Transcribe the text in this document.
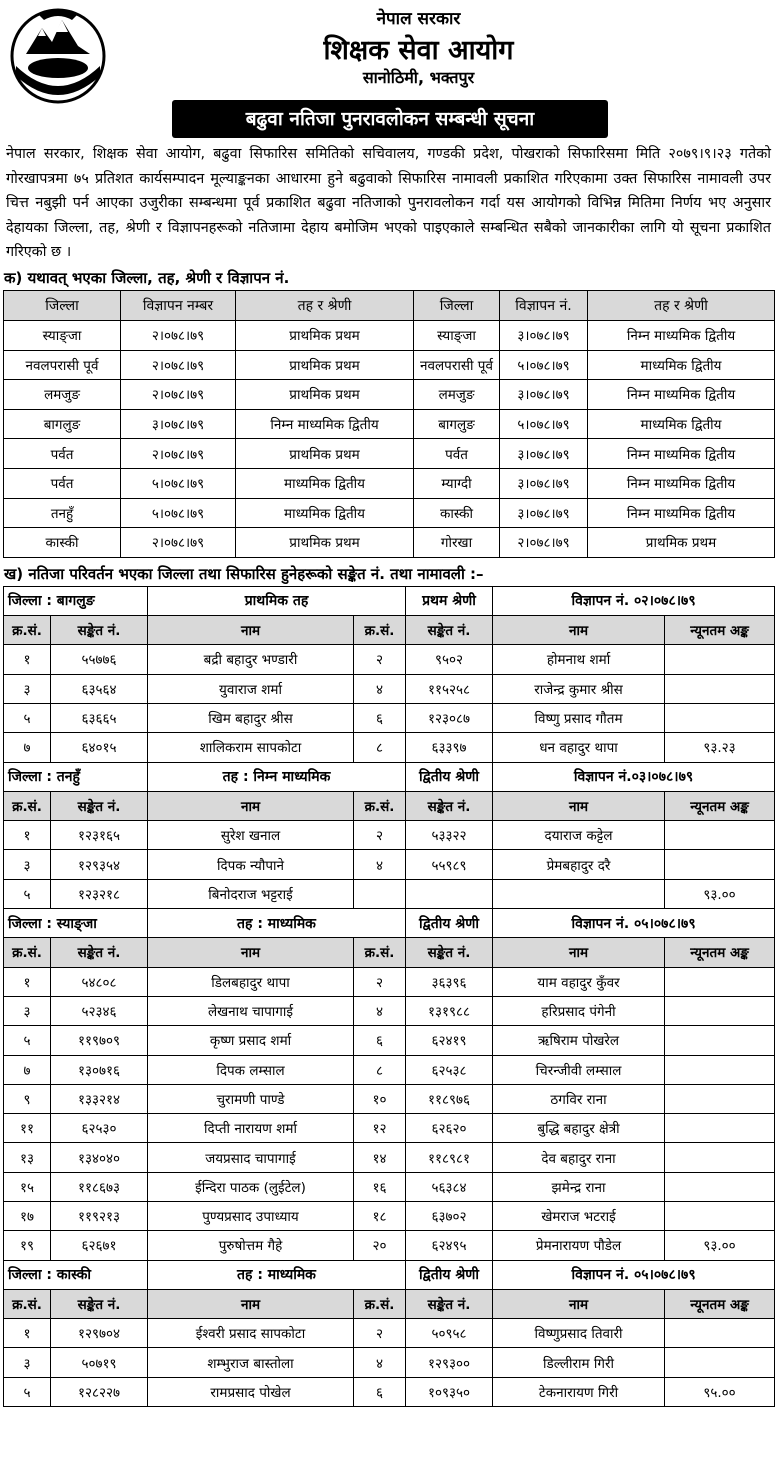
नेपाल सरकार
शिक्षक सेवा आयोग
सानोठिमी, भक्तपुर
बढुवा नतिजा पुनरावलोकन सम्बन्धी सूचना

नेपाल सरकार, शिक्षक सेवा आयोग, बढुवा सिफारिस समितिको सचिवालय, गण्डकी प्रदेश, पोखराको सिफारिसमा मिति २०७९।९।२३ गतेको गोरखापत्रमा ७५ प्रतिशत कार्यसम्पादन मूल्याङ्कनका आधारमा हुने बढुवाको सिफारिस नामावली प्रकाशित गरिएकामा उक्त सिफारिस नामावली उपर चित्त नबुझी पर्न आएका उजुरीका सम्बन्धमा पूर्व प्रकाशित बढुवा नतिजाको पुनरावलोकन गर्दा यस आयोगको विभिन्न मितिमा निर्णय भए अनुसार देहायका जिल्ला, तह, श्रेणी र विज्ञापनहरूको नतिजामा देहाय बमोजिम भएको पाइएकाले सम्बन्धित सबैको जानकारीका लागि यो सूचना प्रकाशित गरिएको छ ।

क) यथावत् भएका जिल्ला, तह, श्रेणी र विज्ञापन नं.
जिल्ला	विज्ञापन नम्बर	तह र श्रेणी	जिल्ला	विज्ञापन नं.	तह र श्रेणी
स्याङ्जा	२।०७८।७९	प्राथमिक प्रथम	स्याङ्जा	३।०७८।७९	निम्न माध्यमिक द्वितीय
नवलपरासी पूर्व	२।०७८।७९	प्राथमिक प्रथम	नवलपरासी पूर्व	५।०७८।७९	माध्यमिक द्वितीय
लमजुङ	२।०७८।७९	प्राथमिक प्रथम	लमजुङ	३।०७८।७९	निम्न माध्यमिक द्वितीय
बागलुङ	३।०७८।७९	निम्न माध्यमिक द्वितीय	बागलुङ	५।०७८।७९	माध्यमिक द्वितीय
पर्वत	२।०७८।७९	प्राथमिक प्रथम	पर्वत	३।०७८।७९	निम्न माध्यमिक द्वितीय
पर्वत	५।०७८।७९	माध्यमिक द्वितीय	म्याग्दी	३।०७८।७९	निम्न माध्यमिक द्वितीय
तनहुँ	५।०७८।७९	माध्यमिक द्वितीय	कास्की	३।०७८।७९	निम्न माध्यमिक द्वितीय
कास्की	२।०७८।७९	प्राथमिक प्रथम	गोरखा	२।०७८।७९	प्राथमिक प्रथम
ख) नतिजा परिवर्तन भएका जिल्ला तथा सिफारिस हुनेहरूको सङ्केत नं. तथा नामावली :–
जिल्ला : बागलुङ		प्राथमिक तह		प्रथम श्रेणी	विज्ञापन नं. ०२।०७८।७९	
क्र.सं.	सङ्केत नं.	नाम	क्र.सं.	सङ्केत नं.	नाम	न्यूनतम अङ्क
१	५५७७६	बद्री बहादुर भण्डारी	२	९५०२	होमनाथ शर्मा	
३	६३५६४	युवाराज शर्मा	४	११५२५८	राजेन्द्र कुमार श्रीस	
५	६३६६५	खिम बहादुर श्रीस	६	१२३०८७	विष्णु प्रसाद गौतम	
७	६४०१५	शालिकराम सापकोटा	८	६३३९७	धन वहादुर थापा	९३.२३
जिल्ला : तनहुँ		तह : निम्न माध्यमिक		द्वितीय श्रेणी	विज्ञापन नं.०३।०७८।७९	
क्र.सं.	सङ्केत नं.	नाम	क्र.सं.	सङ्केत नं.	नाम	न्यूनतम अङ्क
१	१२३१६५	सुरेश खनाल	२	५३३२२	दयाराज कट्टेल	
३	१२९३५४	दिपक न्यौपाने	४	५५९८९	प्रेमबहादुर दरै	
५	१२३२१८	बिनोदराज भट्टराई				९३.००
जिल्ला : स्याङ्जा		तह : माध्यमिक		द्वितीय श्रेणी	विज्ञापन नं. ०५।०७८।७९	
क्र.सं.	सङ्केत नं.	नाम	क्र.सं.	सङ्केत नं.	नाम	न्यूनतम अङ्क
१	५४८०८	डिलबहादुर थापा	२	३६३९६	याम वहादुर कुँवर	
३	५२३४६	लेखनाथ चापागाई	४	१३१९८८	हरिप्रसाद पंगेनी	
५	११९७०९	कृष्ण प्रसाद शर्मा	६	६२४१९	ऋषिराम पोखरेल	
७	१३०७१६	दिपक लम्साल	८	६२५३८	चिरन्जीवी लम्साल	
९	१३३२१४	चुरामणी पाण्डे	१०	११८९७६	ठगविर राना	
११	६२५३०	दिप्ती नारायण शर्मा	१२	६२६२०	बुद्धि बहादुर क्षेत्री	
१३	१३४०४०	जयप्रसाद चापागाई	१४	११८९८१	देव बहादुर राना	
१५	११८६७३	ईन्दिरा पाठक (लुईटेल)	१६	५६३८४	झमेन्द्र राना	
१७	११९२१३	पुण्यप्रसाद उपाध्याय	१८	६३७०२	खेमराज भटराई	
१९	६२६७१	पुरुषोत्तम गैहे	२०	६२४९५	प्रेमनारायण पौडेल	९३.००
जिल्ला : कास्की		तह : माध्यमिक		द्वितीय श्रेणी	विज्ञापन नं. ०५।०७८।७९	
क्र.सं.	सङ्केत नं.	नाम	क्र.सं.	सङ्केत नं.	नाम	न्यूनतम अङ्क
१	१२९७०४	ईश्वरी प्रसाद सापकोटा	२	५०९५८	विष्णुप्रसाद तिवारी	
३	५०७१९	शम्भुराज बास्तोला	४	१२९३००	डिल्लीराम गिरी	
५	१२८२२७	रामप्रसाद पोखेल	६	१०९३५०	टेकनारायण गिरी	९५.००
